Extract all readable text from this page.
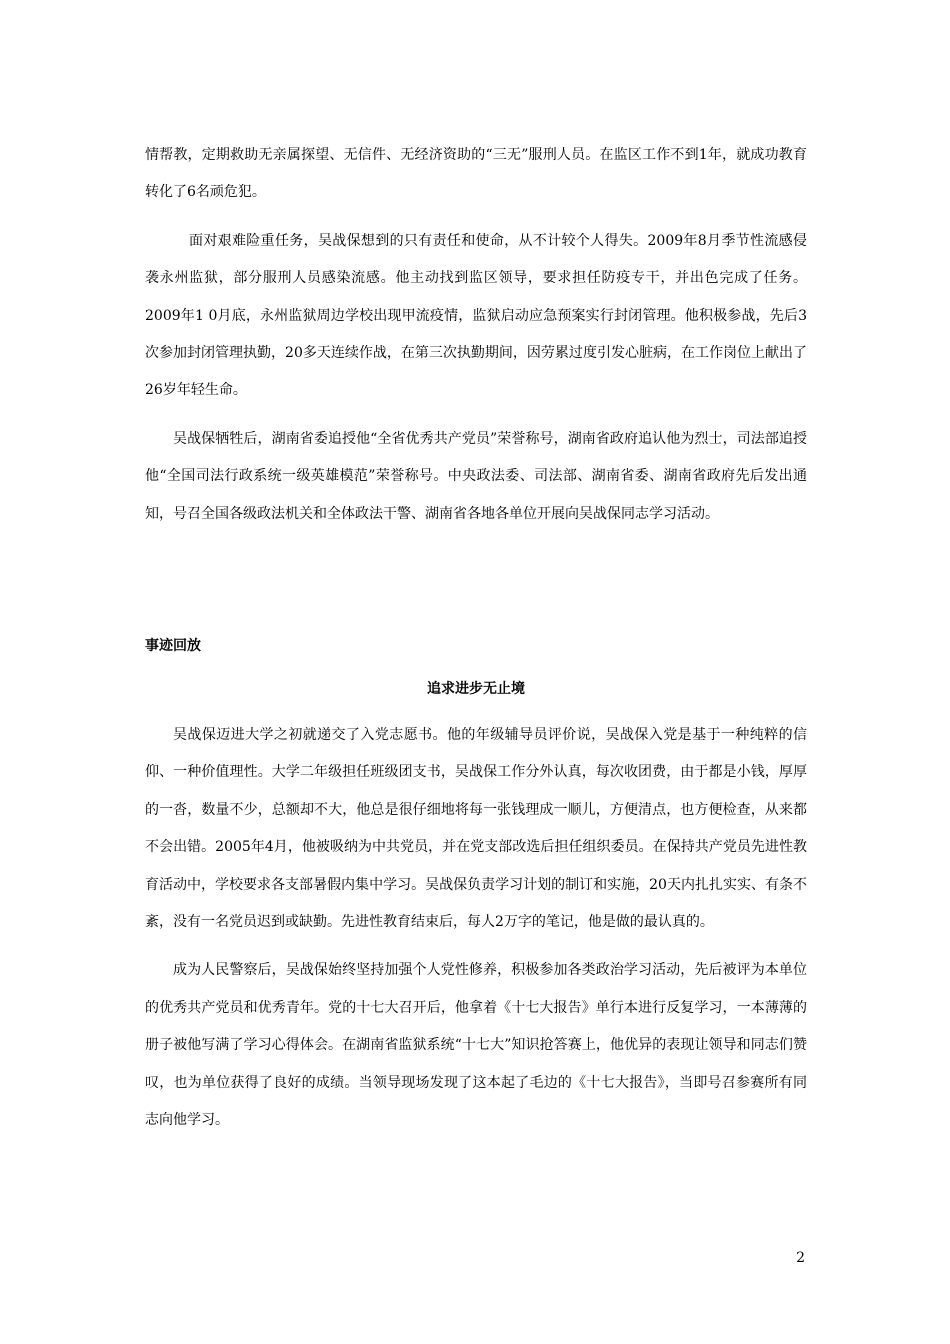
情帮教，定期救助无亲属探望、无信件、无经济资助的“三无”服刑人员。在监区工作不到1年，就成功教育转化了6名顽危犯。

面对艰难险重任务，吴战保想到的只有责任和使命，从不计较个人得失。2009年8月季节性流感侵袭永州监狱，部分服刑人员感染流感。他主动找到监区领导，要求担任防疫专干，并出色完成了任务。2009年1 0月底，永州监狱周边学校出现甲流疫情，监狱启动应急预案实行封闭管理。他积极参战，先后3次参加封闭管理执勤，20多天连续作战，在第三次执勤期间，因劳累过度引发心脏病，在工作岗位上献出了26岁年轻生命。

吴战保牺牲后，湖南省委追授他“全省优秀共产党员”荣誉称号，湖南省政府追认他为烈士，司法部追授他“全国司法行政系统一级英雄模范”荣誉称号。中央政法委、司法部、湖南省委、湖南省政府先后发出通知，号召全国各级政法机关和全体政法干警、湖南省各地各单位开展向吴战保同志学习活动。

事迹回放
追求进步无止境

吴战保迈进大学之初就递交了入党志愿书。他的年级辅导员评价说，吴战保入党是基于一种纯粹的信仰、一种价值理性。大学二年级担任班级团支书，吴战保工作分外认真，每次收团费，由于都是小钱，厚厚的一沓，数量不少，总额却不大，他总是很仔细地将每一张钱理成一顺儿，方便清点，也方便检查，从来都不会出错。2005年4月，他被吸纳为中共党员，并在党支部改选后担任组织委员。在保持共产党员先进性教育活动中，学校要求各支部暑假内集中学习。吴战保负责学习计划的制订和实施，20天内扎扎实实、有条不紊，没有一名党员迟到或缺勤。先进性教育结束后，每人2万字的笔记，他是做的最认真的。

成为人民警察后，吴战保始终坚持加强个人党性修养，积极参加各类政治学习活动，先后被评为本单位的优秀共产党员和优秀青年。党的十七大召开后，他拿着《十七大报告》单行本进行反复学习，一本薄薄的册子被他写满了学习心得体会。在湖南省监狱系统“十七大”知识抢答赛上，他优异的表现让领导和同志们赞叹，也为单位获得了良好的成绩。当领导现场发现了这本起了毛边的《十七大报告》，当即号召参赛所有同志向他学习。

2
